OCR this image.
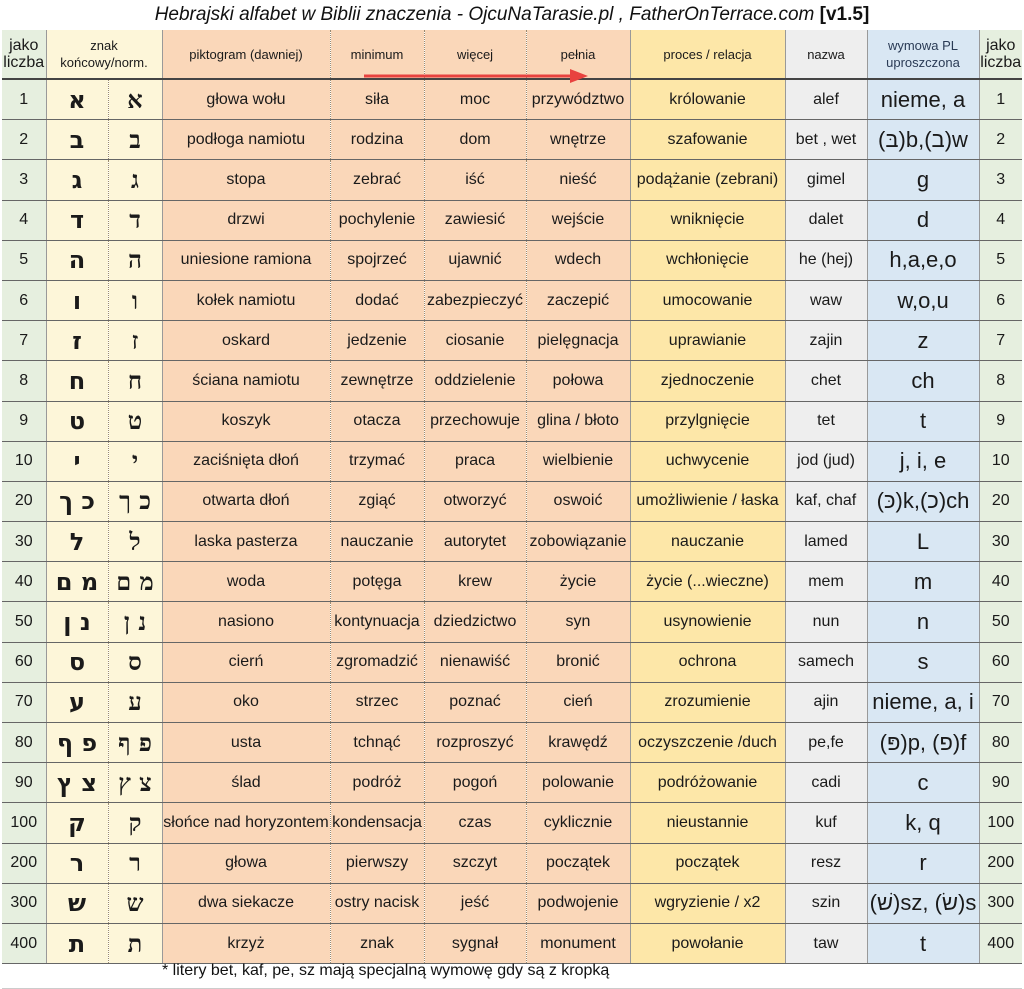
Hebrajski alfabet w Biblii znaczenia - OjcuNaTarasie.pl , FatherOnTerrace.com [v1.5]
jako liczba	znak końcowy/norm.		piktogram (dawniej)	minimum	więcej	pełnia	proces / relacja	nazwa	wymowa PL uproszczona	jako liczba
1	א	א	głowa wołu	siła	moc	przywództwo	królowanie	alef	nieme, a	1
2	ב	ב	podłoga namiotu	rodzina	dom	wnętrze	szafowanie	bet , wet	(בּ)b,(ב)w	2
3	ג	ג	stopa	zebrać	iść	nieść	podążanie (zebrani)	gimel	g	3
4	ד	ד	drzwi	pochylenie	zawiesić	wejście	wniknięcie	dalet	d	4
5	ה	ה	uniesione ramiona	spojrzeć	ujawnić	wdech	wchłonięcie	he (hej)	h,a,e,o	5
6	ו	ו	kołek namiotu	dodać	zabezpieczyć	zaczepić	umocowanie	waw	w,o,u	6
7	ז	ז	oskard	jedzenie	ciosanie	pielęgnacja	uprawianie	zajin	z	7
8	ח	ח	ściana namiotu	zewnętrze	oddzielenie	połowa	zjednoczenie	chet	ch	8
9	ט	ט	koszyk	otacza	przechowuje	glina / błoto	przylgnięcie	tet	t	9
10	י	י	zaciśnięta dłoń	trzymać	praca	wielbienie	uchwycenie	jod (jud)	j, i, e	10
20	כ ך	כ ך	otwarta dłoń	zgiąć	otworzyć	oswoić	umożliwienie / łaska	kaf, chaf	(כּ)k,(כ)ch	20
30	ל	ל	laska pasterza	nauczanie	autorytet	zobowiązanie	nauczanie	lamed	L	30
40	מ ם	מ ם	woda	potęga	krew	życie	życie (...wieczne)	mem	m	40
50	נ ן	נ ן	nasiono	kontynuacja	dziedzictwo	syn	usynowienie	nun	n	50
60	ס	ס	cierń	zgromadzić	nienawiść	bronić	ochrona	samech	s	60
70	ע	ע	oko	strzec	poznać	cień	zrozumienie	ajin	nieme, a, i	70
80	פ ף	פ ף	usta	tchnąć	rozproszyć	krawędź	oczyszczenie /duch	pe,fe	(פּ)p, (פ)f	80
90	צ ץ	צ ץ	ślad	podróż	pogoń	polowanie	podróżowanie	cadi	c	90
100	ק	ק	słońce nad horyzontem	kondensacja	czas	cyklicznie	nieustannie	kuf	k, q	100
200	ר	ר	głowa	pierwszy	szczyt	początek	początek	resz	r	200
300	ש	ש	dwa siekacze	ostry nacisk	jeść	podwojenie	wgryzienie / x2	szin	(שׁ)sz, (שׂ)s	300
400	ת	ת	krzyż	znak	sygnał	monument	powołanie	taw	t	400
* litery bet, kaf, pe, sz mają specjalną wymowę gdy są z kropką
